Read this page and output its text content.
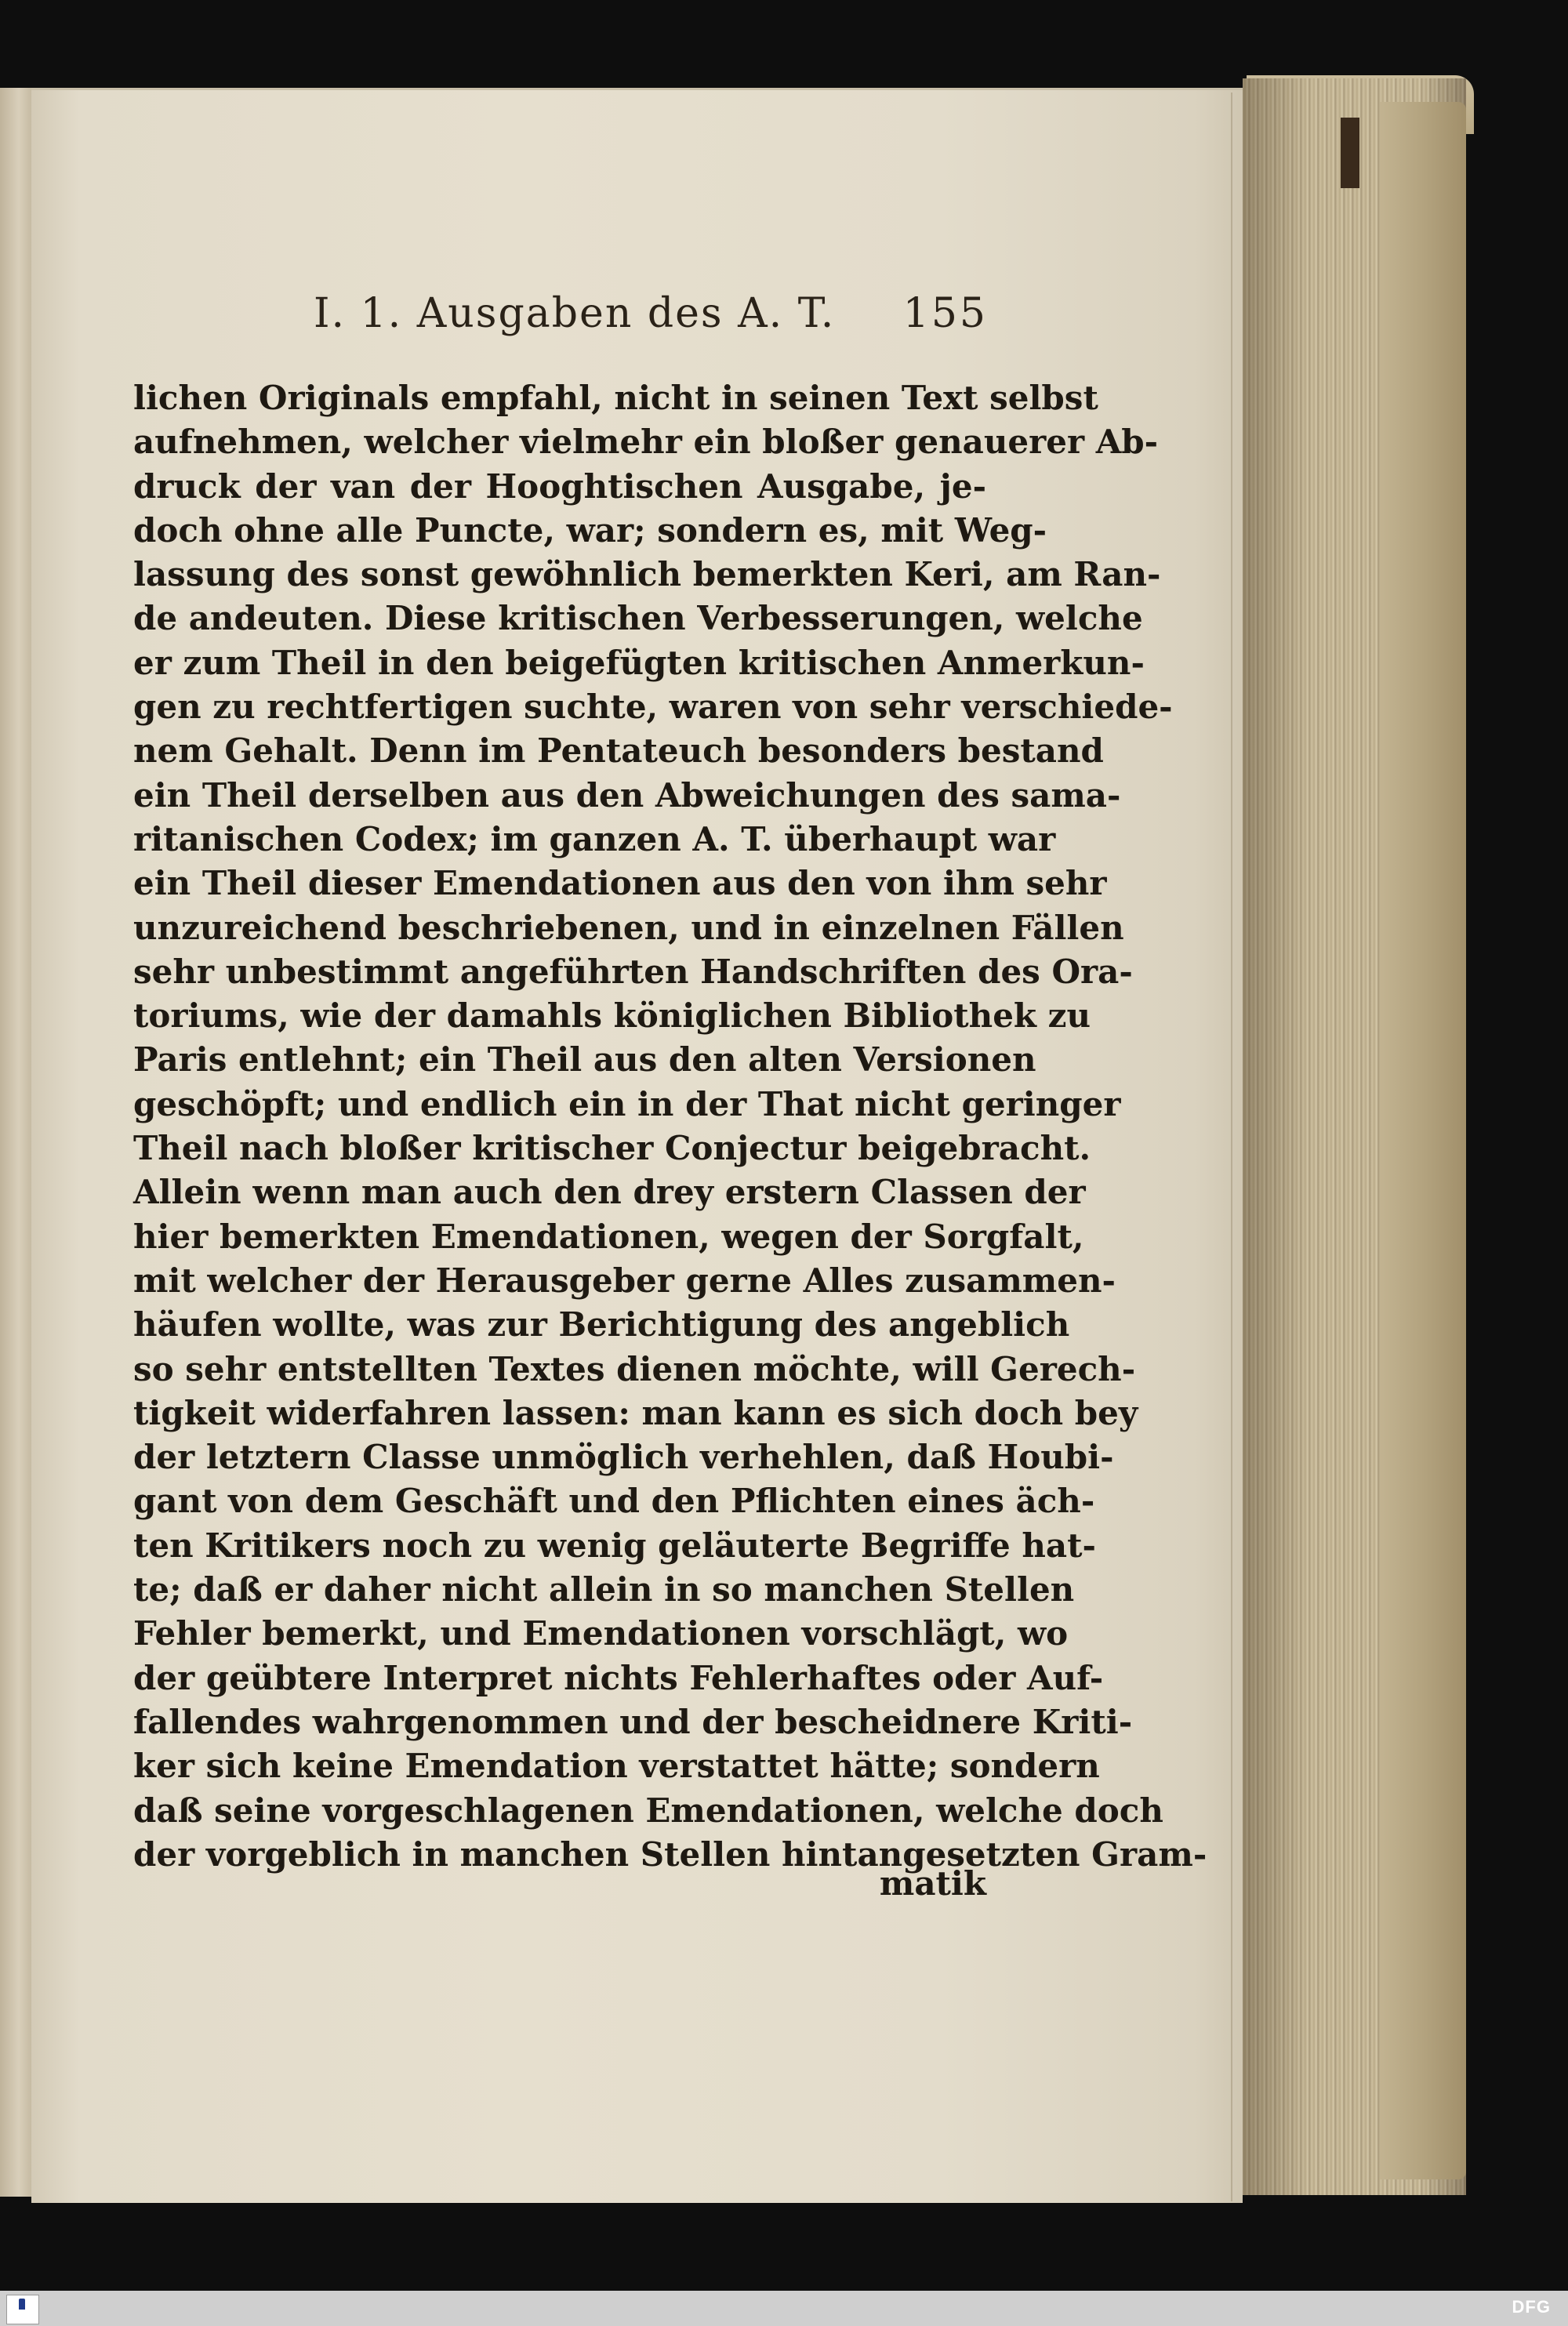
I. 1. Ausgaben des A. T. 155
lichen Originals empfahl, nicht in seinen Text selbst
aufnehmen, welcher vielmehr ein bloßer genauerer Ab-
druck der van der Hooghtischen Ausgabe, je-
doch ohne alle Puncte, war; sondern es, mit Weg-
lassung des sonst gewöhnlich bemerkten Keri, am Ran-
de andeuten. Diese kritischen Verbesserungen, welche
er zum Theil in den beigefügten kritischen Anmerkun-
gen zu rechtfertigen suchte, waren von sehr verschiede-
nem Gehalt. Denn im Pentateuch besonders bestand
ein Theil derselben aus den Abweichungen des sama-
ritanischen Codex; im ganzen A. T. überhaupt war
ein Theil dieser Emendationen aus den von ihm sehr
unzureichend beschriebenen, und in einzelnen Fällen
sehr unbestimmt angeführten Handschriften des Ora-
toriums, wie der damahls königlichen Bibliothek zu
Paris entlehnt; ein Theil aus den alten Versionen
geschöpft; und endlich ein in der That nicht geringer
Theil nach bloßer kritischer Conjectur beigebracht.
Allein wenn man auch den drey erstern Classen der
hier bemerkten Emendationen, wegen der Sorgfalt,
mit welcher der Herausgeber gerne Alles zusammen-
häufen wollte, was zur Berichtigung des angeblich
so sehr entstellten Textes dienen möchte, will Gerech-
tigkeit widerfahren lassen: man kann es sich doch bey
der letztern Classe unmöglich verhehlen, daß Houbi-
gant von dem Geschäft und den Pflichten eines äch-
ten Kritikers noch zu wenig geläuterte Begriffe hat-
te; daß er daher nicht allein in so manchen Stellen
Fehler bemerkt, und Emendationen vorschlägt, wo
der geübtere Interpret nichts Fehlerhaftes oder Auf-
fallendes wahrgenommen und der bescheidnere Kriti-
ker sich keine Emendation verstattet hätte; sondern
daß seine vorgeschlagenen Emendationen, welche doch
der vorgeblich in manchen Stellen hintangesetzten Gram-
matik
DFG
